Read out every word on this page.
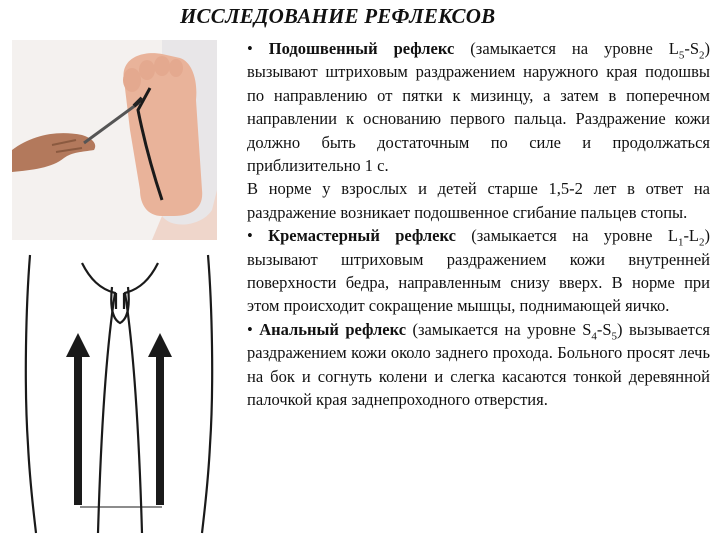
ИССЛЕДОВАНИЕ РЕФЛЕКСОВ

• Подошвенный рефлекс (замыкается на уровне $L_5-S_2$) вызывают штриховым раздражением наружного края подошвы по направлению от пятки к мизинцу, а затем в поперечном направлении к основанию первого пальца. Раздражение кожи должно быть достаточным по силе и продолжаться приблизительно 1 с.

В норме у взрослых и детей старше 1,5-2 лет в ответ на раздражение возникает подошвенное сгибание пальцев стопы.

• Кремастерный рефлекс (замыкается на уровне $L_1-L_2$) вызывают штриховым раздражением кожи внутренней поверхности бедра, направленным снизу вверх. В норме при этом происходит сокращение мышцы, поднимающей яичко.

• Анальный рефлекс (замыкается на уровне $S_4-S_5$) вызывается раздражением кожи около заднего прохода. Больного просят лечь на бок и согнуть колени и слегка касаются тонкой деревянной палочкой края заднепроходного отверстия.
